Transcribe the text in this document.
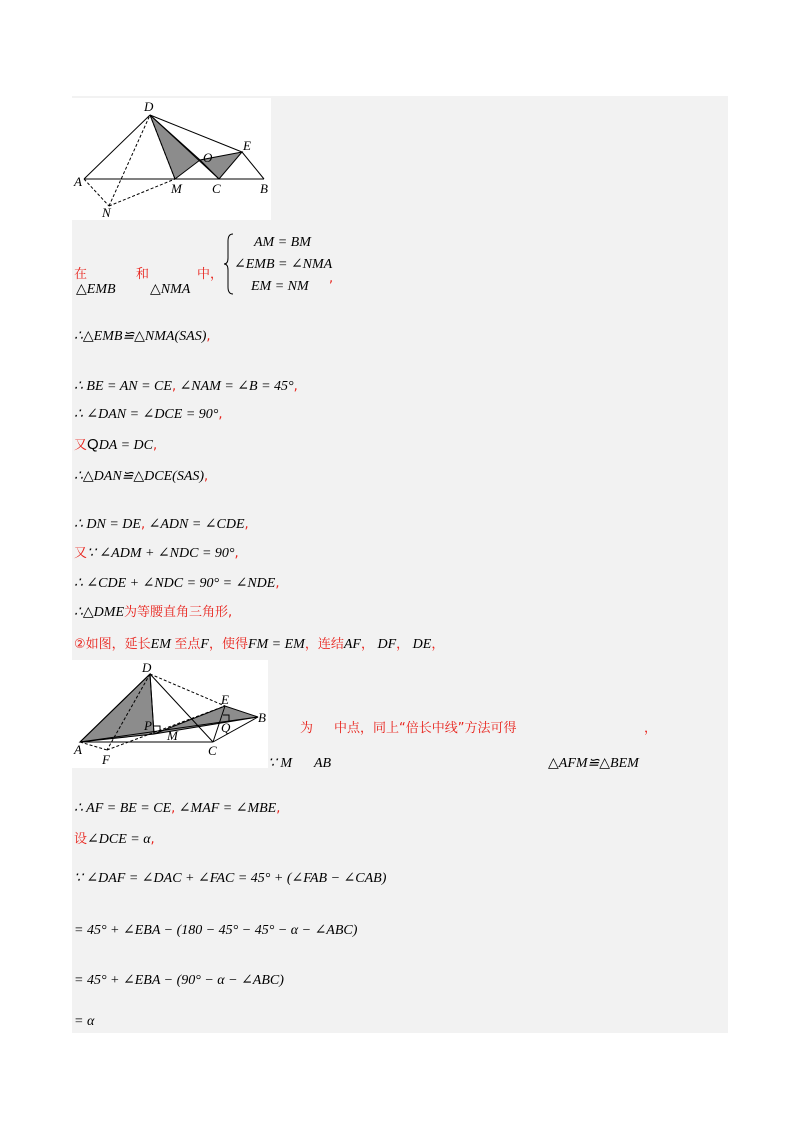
D
O
E
A	M C	B
N
在	和	中，
△EMB △NMA
AM = BM
∠EMB = ∠NMA
EM = NM
,
∴△EMB≌△NMA(SAS),
∴ BE = AN = CE, ∠NAM = ∠B = 45°,
∴ ∠DAN = ∠DCE = 90°,
又QDA = DC,
∴△DAN≌△DCE(SAS),
∴ DN = DE, ∠ADN = ∠CDE,
又∵ ∠ADM + ∠NDC = 90°,
∴ ∠CDE + ∠NDC = 90° = ∠NDE,
∴△DME为等腰直角三角形,
②如图，延长EM 至点F，使得FM = EM，连结AF， DF， DE，
D
E
B
P	Q
A
M
C
F
为 中点，同上“倍长中线”方法可得	，
∵ M AB	△AFM≌△BEM
∴ AF = BE = CE, ∠MAF = ∠MBE,
设∠DCE = α,
∵ ∠DAF = ∠DAC + ∠FAC = 45° + (∠FAB − ∠CAB)
= 45° + ∠EBA − (180 − 45° − 45° − α − ∠ABC)
= 45° + ∠EBA − (90° − α − ∠ABC)
= α
